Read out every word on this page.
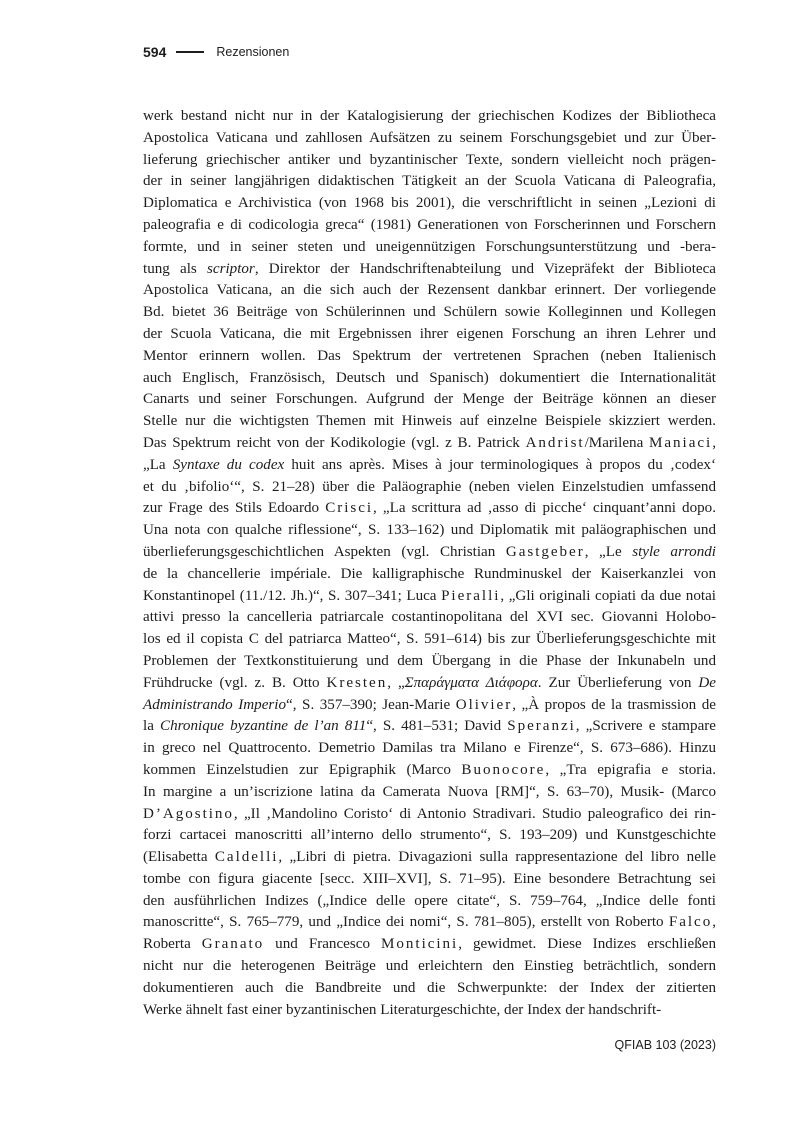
594	Rezensionen
werk bestand nicht nur in der Katalogisierung der griechischen Kodizes der Bibliotheca
Apostolica Vaticana und zahllosen Aufsätzen zu seinem Forschungsgebiet und zur Über-
lieferung griechischer antiker und byzantinischer Texte, sondern vielleicht noch prägen-
der in seiner langjährigen didaktischen Tätigkeit an der Scuola Vaticana di Paleografia,
Diplomatica e Archivistica (von 1968 bis 2001), die verschriftlicht in seinen „Lezioni di
paleografia e di codicologia greca“ (1981) Generationen von Forscherinnen und Forschern
formte, und in seiner steten und uneigennützigen Forschungsunterstützung und -bera-
tung als scriptor, Direktor der Handschriftenabteilung und Vizepräfekt der Biblioteca
Apostolica Vaticana, an die sich auch der Rezensent dankbar erinnert. Der vorliegende
Bd. bietet 36 Beiträge von Schülerinnen und Schülern sowie Kolleginnen und Kollegen
der Scuola Vaticana, die mit Ergebnissen ihrer eigenen Forschung an ihren Lehrer und
Mentor erinnern wollen. Das Spektrum der vertretenen Sprachen (neben Italienisch
auch Englisch, Französisch, Deutsch und Spanisch) dokumentiert die Internationalität
Canarts und seiner Forschungen. Aufgrund der Menge der Beiträge können an dieser
Stelle nur die wichtigsten Themen mit Hinweis auf einzelne Beispiele skizziert werden.
Das Spektrum reicht von der Kodikologie (vgl. z B. Patrick Andrist/Marilena Maniaci,
„La Syntaxe du codex huit ans après. Mises à jour terminologiques à propos du ‚codex‘
et du ‚bifolio‘“, S. 21–28) über die Paläographie (neben vielen Einzelstudien umfassend
zur Frage des Stils Edoardo Crisci, „La scrittura ad ‚asso di picche‘ cinquant’anni dopo.
Una nota con qualche riflessione“, S. 133–162) und Diplomatik mit paläographischen und
überlieferungsgeschichtlichen Aspekten (vgl. Christian Gastgeber, „Le style arrondi
de la chancellerie impériale. Die kalligraphische Rundminuskel der Kaiserkanzlei von
Konstantinopel (11./12. Jh.)“, S. 307–341; Luca Pieralli, „Gli originali copiati da due notai
attivi presso la cancelleria patriarcale costantinopolitana del XVI sec. Giovanni Holobo-
los ed il copista C del patriarca Matteo“, S. 591–614) bis zur Überlieferungsgeschichte mit
Problemen der Textkonstituierung und dem Übergang in die Phase der Inkunabeln und
Frühdrucke (vgl. z. B. Otto Kresten, „Σπαράγματα Διάφορα. Zur Überlieferung von De
Administrando Imperio“, S. 357–390; Jean-Marie Olivier, „À propos de la trasmission de
la Chronique byzantine de l’an 811“, S. 481–531; David Speranzi, „Scrivere e stampare
in greco nel Quattrocento. Demetrio Damilas tra Milano e Firenze“, S. 673–686). Hinzu
kommen Einzelstudien zur Epigraphik (Marco Buonocore, „Tra epigrafia e storia.
In margine a un’iscrizione latina da Camerata Nuova [RM]“, S. 63–70), Musik- (Marco
D’Agostino, „Il ‚Mandolino Coristo‘ di Antonio Stradivari. Studio paleografico dei rin-
forzi cartacei manoscritti all’interno dello strumento“, S. 193–209) und Kunstgeschichte
(Elisabetta Caldelli, „Libri di pietra. Divagazioni sulla rappresentazione del libro nelle
tombe con figura giacente [secc. XIII–XVI], S. 71–95). Eine besondere Betrachtung sei
den ausführlichen Indizes („Indice delle opere citate“, S. 759–764, „Indice delle fonti
manoscritte“, S. 765–779, und „Indice dei nomi“, S. 781–805), erstellt von Roberto Falco,
Roberta Granato und Francesco Monticini, gewidmet. Diese Indizes erschließen
nicht nur die heterogenen Beiträge und erleichtern den Einstieg beträchtlich, sondern
dokumentieren auch die Bandbreite und die Schwerpunkte: der Index der zitierten
Werke ähnelt fast einer byzantinischen Literaturgeschichte, der Index der handschrift-
QFIAB 103 (2023)
